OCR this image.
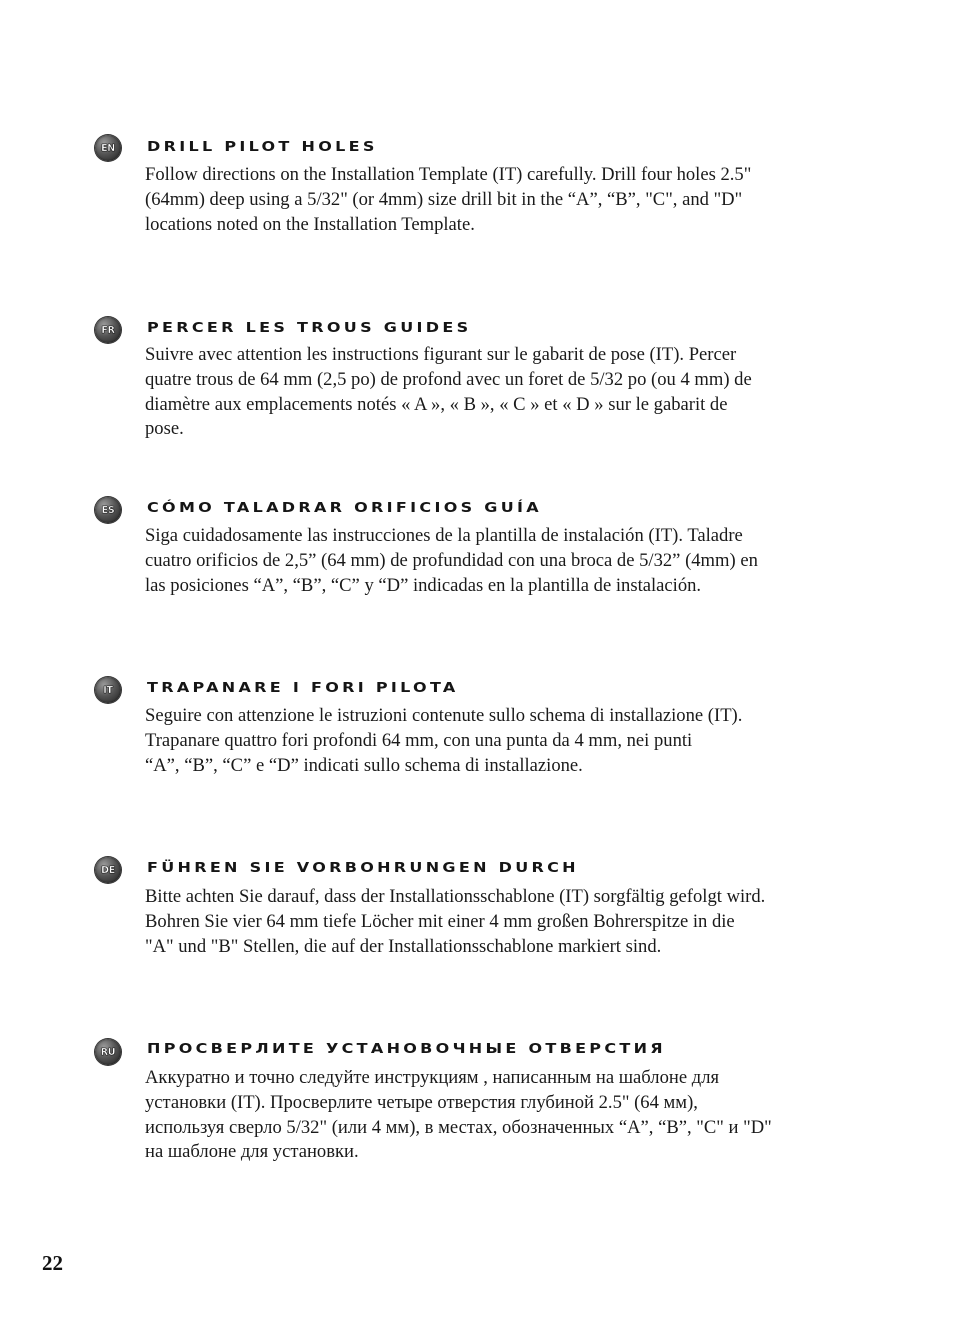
EN DRILL PILOT HOLES
Follow directions on the Installation Template (IT) carefully. Drill four holes 2.5"
(64mm) deep using a 5/32" (or 4mm) size drill bit in the “A”, “B”, "C", and "D"
locations noted on the Installation Template.
FR PERCER LES TROUS GUIDES
Suivre avec attention les instructions figurant sur le gabarit de pose (IT). Percer
quatre trous de 64 mm (2,5 po) de profond avec un foret de 5/32 po (ou 4 mm) de
diamètre aux emplacements notés « A », « B », « C » et « D » sur le gabarit de
pose.
ES CÓMO TALADRAR ORIFICIOS GUÍA
Siga cuidadosamente las instrucciones de la plantilla de instalación (IT). Taladre
cuatro orificios de 2,5” (64 mm) de profundidad con una broca de 5/32” (4mm) en
las posiciones “A”, “B”, “C” y “D” indicadas en la plantilla de instalación.
IT TRAPANARE I FORI PILOTA
Seguire con attenzione le istruzioni contenute sullo schema di installazione (IT).
Trapanare quattro fori profondi 64 mm, con una punta da 4 mm, nei punti
“A”, “B”, “C” e “D” indicati sullo schema di installazione.
DE FÜHREN SIE VORBOHRUNGEN DURCH
Bitte achten Sie darauf, dass der Installationsschablone (IT) sorgfältig gefolgt wird.
Bohren Sie vier 64 mm tiefe Löcher mit einer 4 mm großen Bohrerspitze in die
"A" und "B" Stellen, die auf der Installationsschablone markiert sind.
RU ПРОСВЕРЛИТЕ УСТАНОВОЧНЫЕ ОТВЕРСТИЯ
Аккуратно и точно следуйте инструкциям , написанным на шаблоне для
установки (IT). Просверлите четыре отверстия глубиной 2.5" (64 мм),
используя сверло 5/32" (или 4 мм), в местах, обозначенных “A”, “B”, "C" и "D"
на шаблоне для установки.
22
